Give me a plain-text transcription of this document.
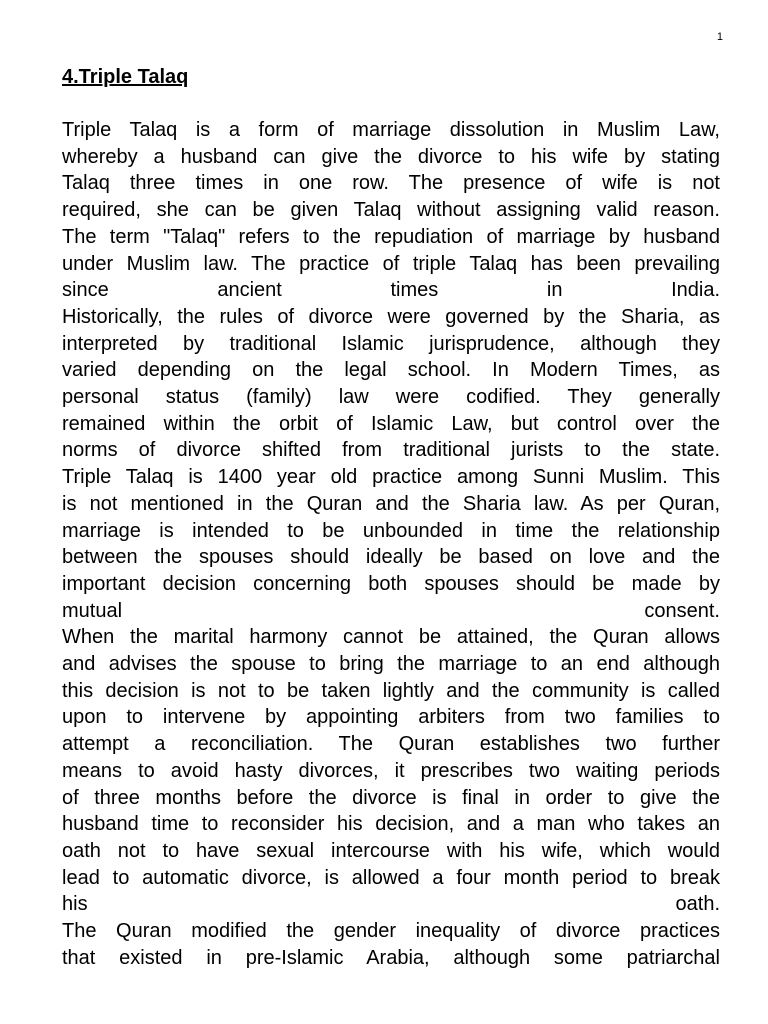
1
4.Triple Talaq
Triple Talaq is a form of marriage dissolution in Muslim Law,
whereby a husband can give the divorce to his wife by stating
Talaq three times in one row. The presence of wife is not
required, she can be given Talaq without assigning valid reason.
The term "Talaq" refers to the repudiation of marriage by husband
under Muslim law. The practice of triple Talaq has been prevailing
since ancient times in India.
Historically, the rules of divorce were governed by the Sharia, as
interpreted by traditional Islamic jurisprudence, although they
varied depending on the legal school. In Modern Times, as
personal status (family) law were codified. They generally
remained within the orbit of Islamic Law, but control over the
norms of divorce shifted from traditional jurists to the state.
Triple Talaq is 1400 year old practice among Sunni Muslim. This
is not mentioned in the Quran and the Sharia law. As per Quran,
marriage is intended to be unbounded in time the relationship
between the spouses should ideally be based on love and the
important decision concerning both spouses should be made by
mutual consent.
When the marital harmony cannot be attained, the Quran allows
and advises the spouse to bring the marriage to an end although
this decision is not to be taken lightly and the community is called
upon to intervene by appointing arbiters from two families to
attempt a reconciliation. The Quran establishes two further
means to avoid hasty divorces, it prescribes two waiting periods
of three months before the divorce is final in order to give the
husband time to reconsider his decision, and a man who takes an
oath not to have sexual intercourse with his wife, which would
lead to automatic divorce, is allowed a four month period to break
his oath.
The Quran modified the gender inequality of divorce practices
that existed in pre-Islamic Arabia, although some patriarchal
